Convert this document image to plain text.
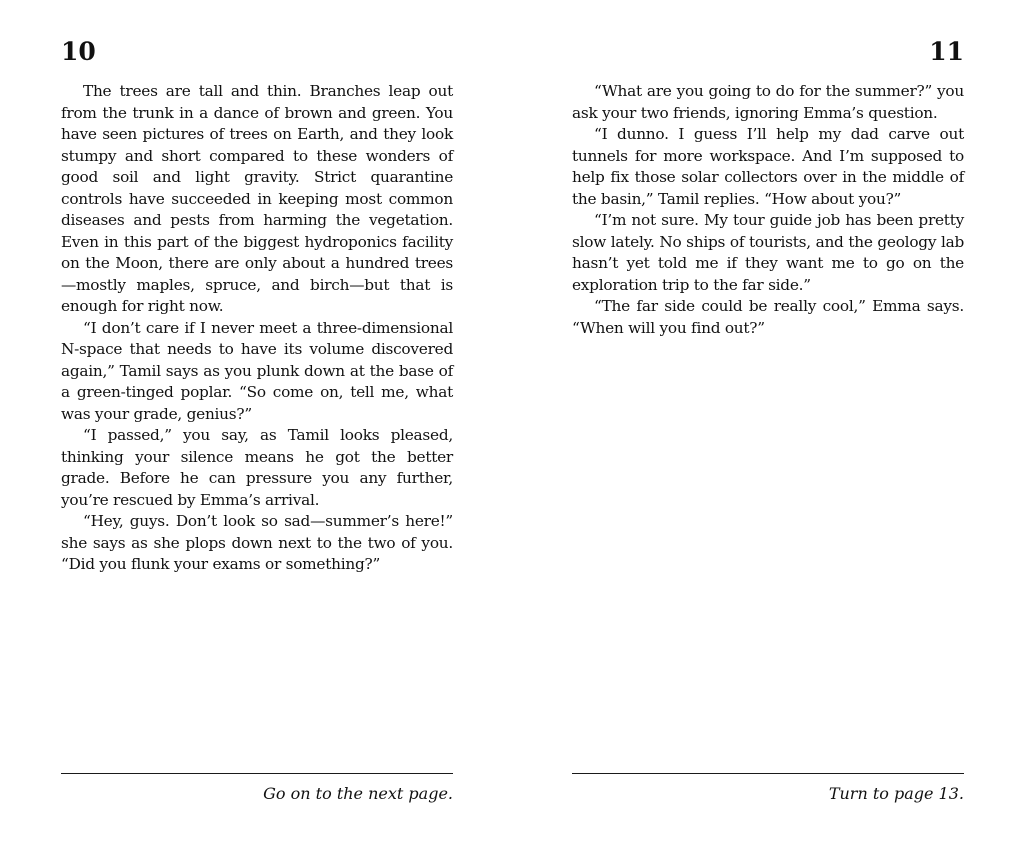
10

The trees are tall and thin. Branches leap out from the trunk in a dance of brown and green. You have seen pictures of trees on Earth, and they look stumpy and short compared to these wonders of good soil and light gravity. Strict quarantine controls have succeeded in keeping most common diseases and pests from harming the vegetation. Even in this part of the biggest hydroponics facility on the Moon, there are only about a hundred trees—mostly maples, spruce, and birch—but that is enough for right now.

“I don’t care if I never meet a three-dimensional N-space that needs to have its volume discovered again,” Tamil says as you plunk down at the base of a green-tinged poplar. “So come on, tell me, what was your grade, genius?”

“I passed,” you say, as Tamil looks pleased, thinking your silence means he got the better grade. Before he can pressure you any further, you’re rescued by Emma’s arrival.

“Hey, guys. Don’t look so sad—summer’s here!” she says as she plops down next to the two of you. “Did you flunk your exams or something?”

Go on to the next page.

11

“What are you going to do for the summer?” you ask your two friends, ignoring Emma’s question.

“I dunno. I guess I’ll help my dad carve out tunnels for more workspace. And I’m supposed to help fix those solar collectors over in the middle of the basin,” Tamil replies. “How about you?”

“I’m not sure. My tour guide job has been pretty slow lately. No ships of tourists, and the geology lab hasn’t yet told me if they want me to go on the exploration trip to the far side.”

“The far side could be really cool,” Emma says. “When will you find out?”

Turn to page 13.
